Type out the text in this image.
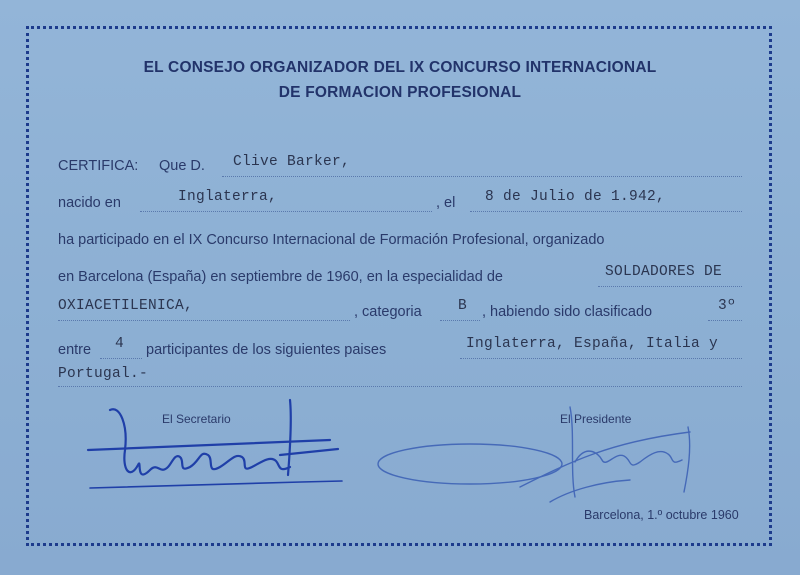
EL CONSEJO ORGANIZADOR DEL IX CONCURSO INTERNACIONAL
DE FORMACION PROFESIONAL
CERTIFICA: Que D. Clive Barker,
nacido en	Inglaterra,	, el 8 de Julio de 1.942,
ha participado en el IX Concurso Internacional de Formación Profesional, organizado
en Barcelona (España) en septiembre de 1960, en la especialidad de	SOLDADORES DE
OXIACETILENICA,	, categoria	B , habiendo sido clasificado	3º
entre 4 participantes de los siguientes paises	Inglaterra, España, Italia y
Portugal.-
El Secretario	El Presidente
Barcelona, 1.º octubre 1960
